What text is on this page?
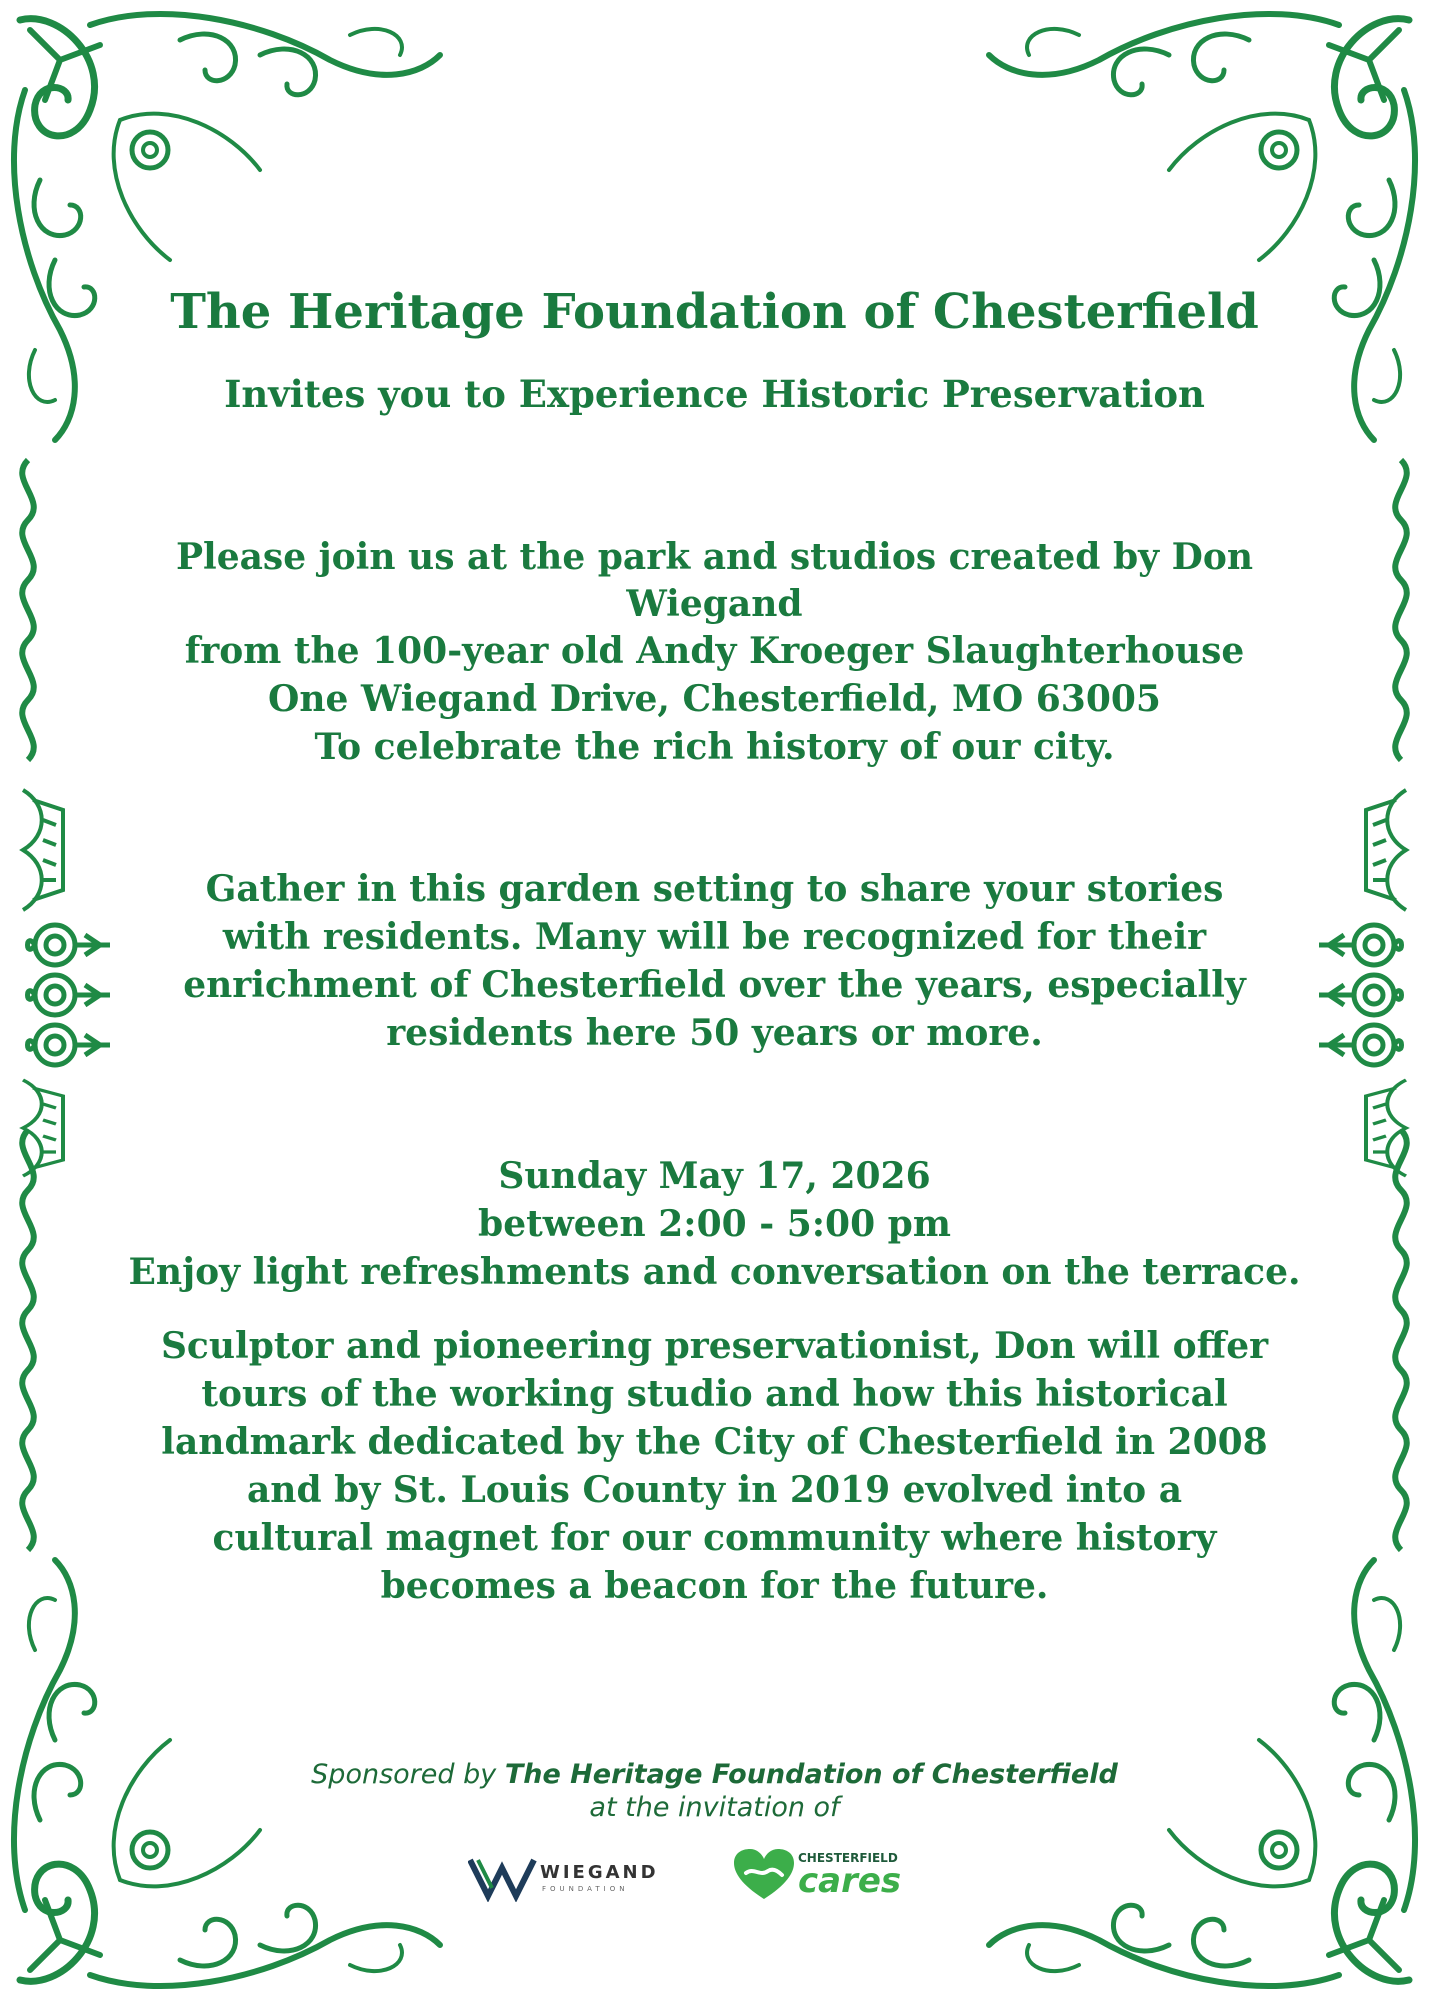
The Heritage Foundation of Chesterfield
Invites you to Experience Historic Preservation
Please join us at the park and studios created by Don
Wiegand
from the 100-year old Andy Kroeger Slaughterhouse
One Wiegand Drive, Chesterfield, MO 63005
To celebrate the rich history of our city.
Gather in this garden setting to share your stories
with residents. Many will be recognized for their
enrichment of Chesterfield over the years, especially
residents here 50 years or more.
Sunday May 17, 2026
between 2:00 - 5:00 pm
Enjoy light refreshments and conversation on the terrace.
Sculptor and pioneering preservationist, Don will offer
tours of the working studio and how this historical
landmark dedicated by the City of Chesterfield in 2008
and by St. Louis County in 2019 evolved into a
cultural magnet for our community where history
becomes a beacon for the future.
Sponsored by The Heritage Foundation of Chesterfield
at the invitation of
WIEGAND
FOUNDATION
CHESTERFIELD
cares
